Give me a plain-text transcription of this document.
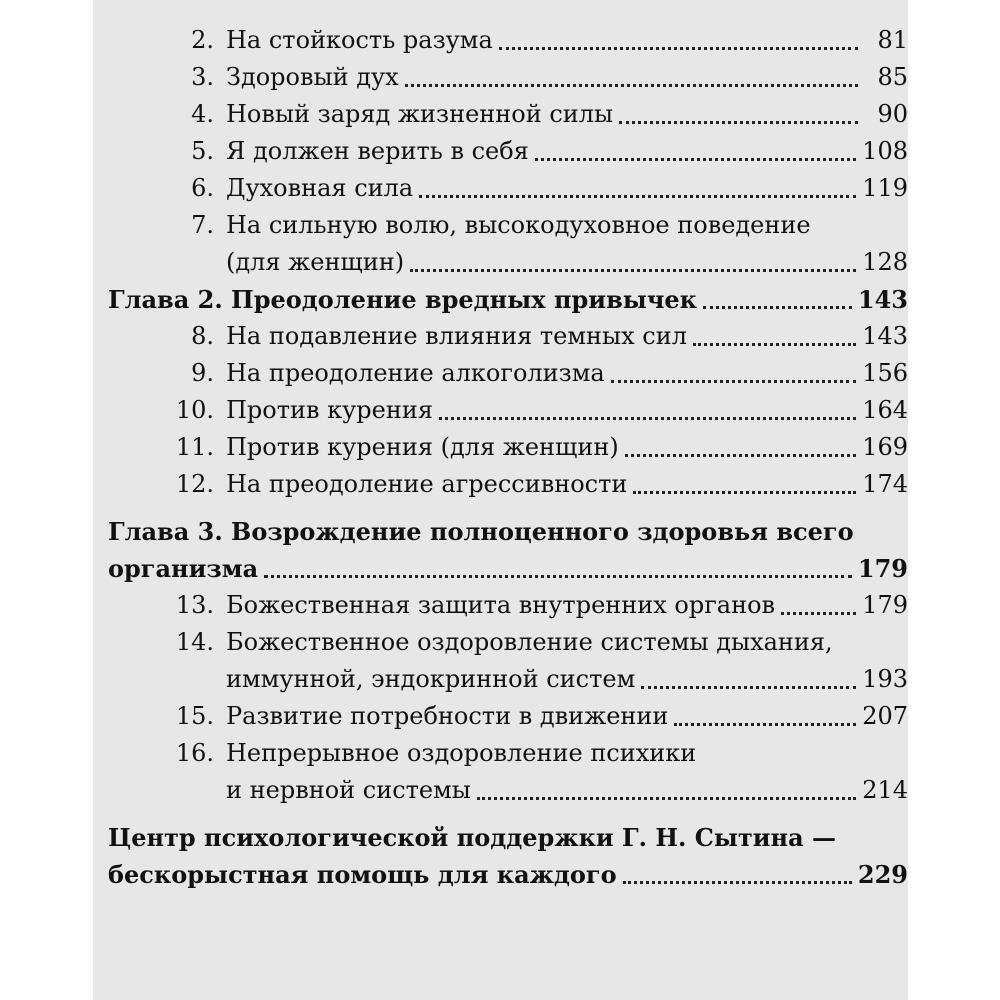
2. На стойкость разума	81
3. Здоровый дух	85
4. Новый заряд жизненной силы	90
5. Я должен верить в себя	108
6. Духовная сила	119
7. На сильную волю, высокодуховное поведение
(для женщин)	128
Глава 2. Преодоление вредных привычек	143
8. На подавление влияния темных сил	143
9. На преодоление алкоголизма	156
10. Против курения	164
11. Против курения (для женщин)	169
12. На преодоление агрессивности	174
Глава 3. Возрождение полноценного здоровья всего
организма	179
13. Божественная защита внутренних органов	179
14. Божественное оздоровление системы дыхания,
иммунной, эндокринной систем	193
15. Развитие потребности в движении	207
16. Непрерывное оздоровление психики
и нервной системы	214
Центр психологической поддержки Г. Н. Сытина —
бескорыстная помощь для каждого	229
